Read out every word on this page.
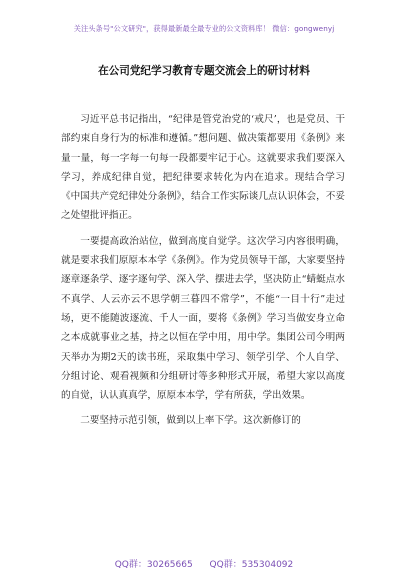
关注头条号"公文研究"，获得最新最全最专业的公文资料库！ 微信：gongwenyj
在公司党纪学习教育专题交流会上的研讨材料

习近平总书记指出，“纪律是管党治党的‘戒尺’，也是党员、干部约束自身行为的标准和遵循。”想问题、做决策都要用《条例》来量一量，每一字每一句每一段都要牢记于心。这就要求我们要深入学习，养成纪律自觉，把纪律要求转化为内在追求。现结合学习《中国共产党纪律处分条例》，结合工作实际谈几点认识体会，不妥之处望批评指正。

一要提高政治站位，做到高度自觉学。这次学习内容很明确，就是要求我们原原本本学《条例》。作为党员领导干部，大家要坚持逐章逐条学、逐字逐句学、深入学、摆进去学，坚决防止“蜻蜓点水不真学、人云亦云不思学朝三暮四不常学”，不能“一目十行”走过场，更不能随波逐流、千人一面，要将《条例》学习当做安身立命之本成就事业之基，持之以恒在学中用，用中学。集团公司今明两天举办为期2天的读书班，采取集中学习、领学引学、个人自学、分组讨论、观看视频和分组研讨等多种形式开展，希望大家以高度的自觉，认认真真学，原原本本学，学有所获，学出效果。

二要坚持示范引领，做到以上率下学。这次新修订的

QQ群：30265665 QQ群：535304092
